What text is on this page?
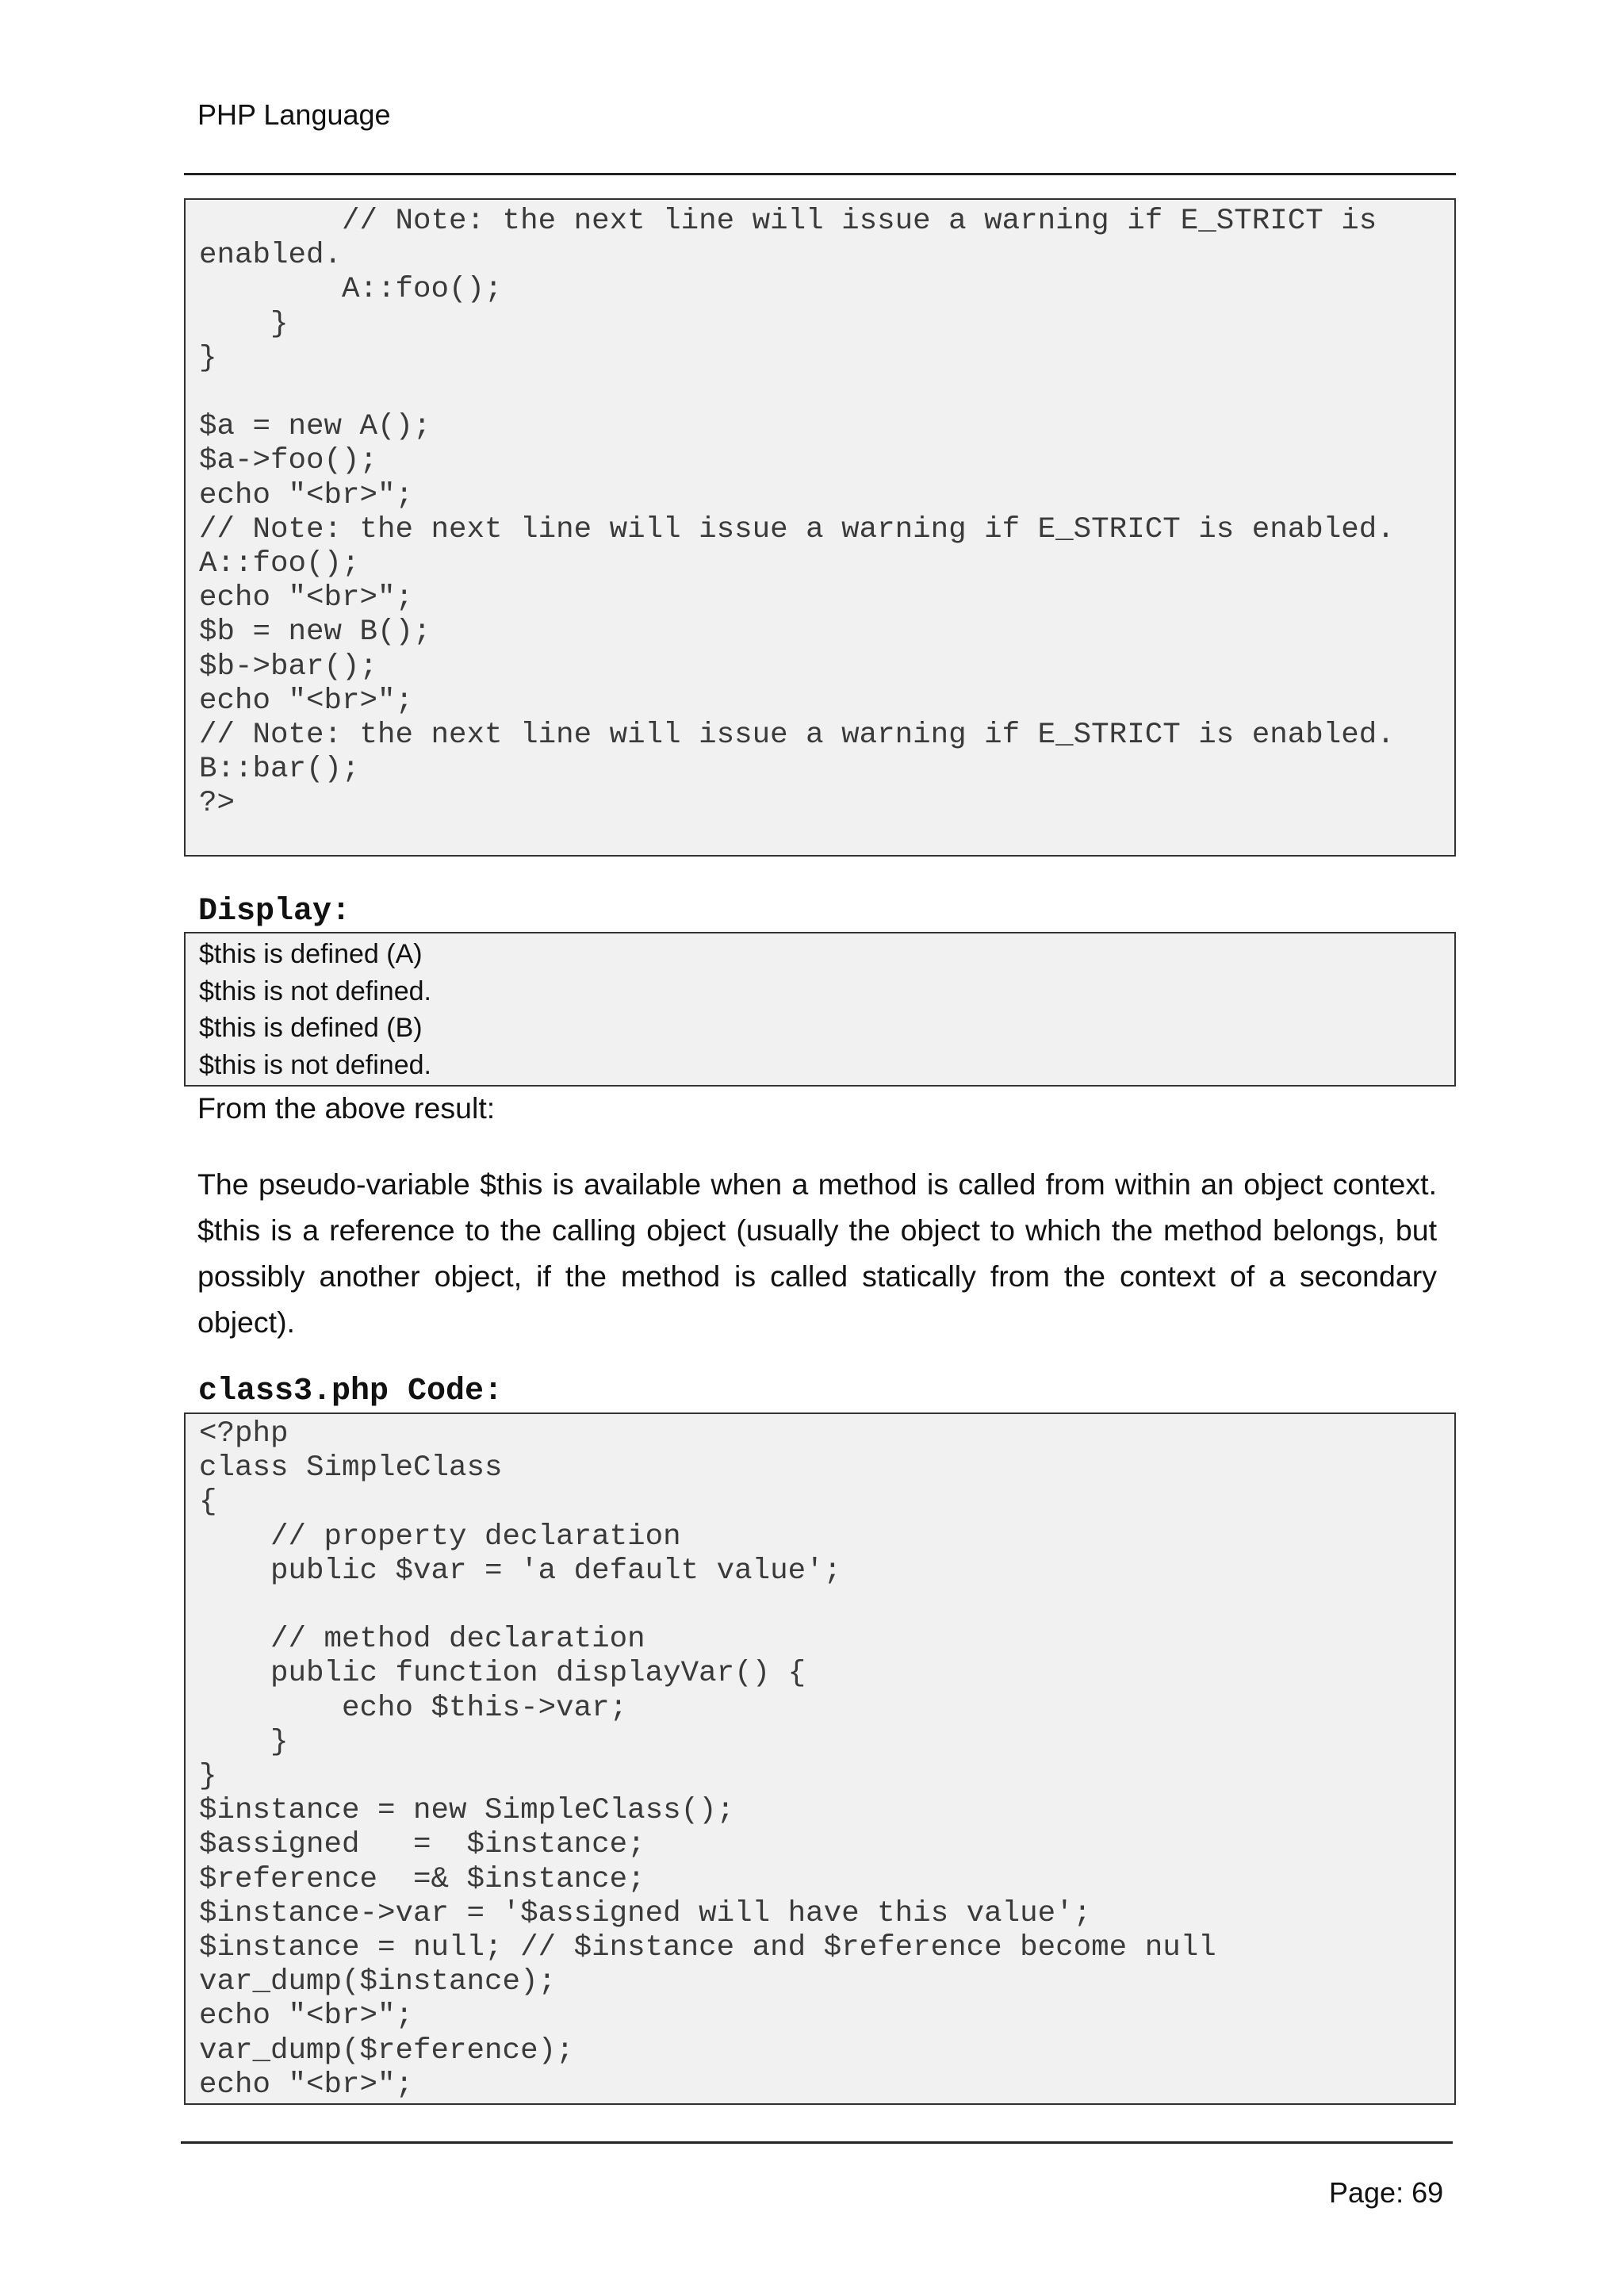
PHP Language
// Note: the next line will issue a warning if E_STRICT is
enabled.
A::foo();
}
}

$a = new A();
$a->foo();
echo "<br>";
// Note: the next line will issue a warning if E_STRICT is enabled.
A::foo();
echo "<br>";
$b = new B();
$b->bar();
echo "<br>";
// Note: the next line will issue a warning if E_STRICT is enabled.
B::bar();
?>
Display:
$this is defined (A)
$this is not defined.
$this is defined (B)
$this is not defined.
From the above result:
The pseudo-variable $this is available when a method is called from within an object context. $this is a reference to the calling object (usually the object to which the method belongs, but possibly another object, if the method is called statically from the context of a secondary object).
class3.php Code:
<?php
class SimpleClass
{
// property declaration
public $var = 'a default value';

// method declaration
public function displayVar() {
echo $this->var;
}
}
$instance = new SimpleClass();
$assigned   =  $instance;
$reference  =& $instance;
$instance->var = '$assigned will have this value';
$instance = null; // $instance and $reference become null
var_dump($instance);
echo "<br>";
var_dump($reference);
echo "<br>";
Page: 69
